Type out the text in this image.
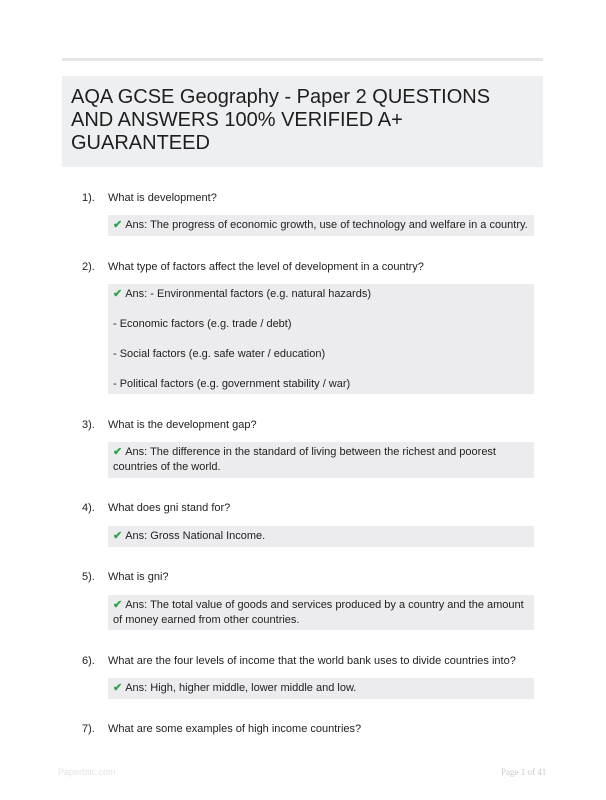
AQA GCSE Geography - Paper 2 QUESTIONS AND ANSWERS 100% VERIFIED A+ GUARANTEED
1).	What is development?

✔ Ans: The progress of economic growth, use of technology and welfare in a country.

2).	What type of factors affect the level of development in a country?

✔ Ans: - Environmental factors (e.g. natural hazards)

- Economic factors (e.g. trade / debt)

- Social factors (e.g. safe water / education)

- Political factors (e.g. government stability / war)

3).	What is the development gap?

✔ Ans: The difference in the standard of living between the richest and poorest countries of the world.

4).	What does gni stand for?

✔ Ans: Gross National Income.

5).	What is gni?

✔ Ans: The total value of goods and services produced by a country and the amount of money earned from other countries.

6).	What are the four levels of income that the world bank uses to divide countries into?

✔ Ans: High, higher middle, lower middle and low.

7).	What are some examples of high income countries?
Paperbtic.com	Page 1 of 41
